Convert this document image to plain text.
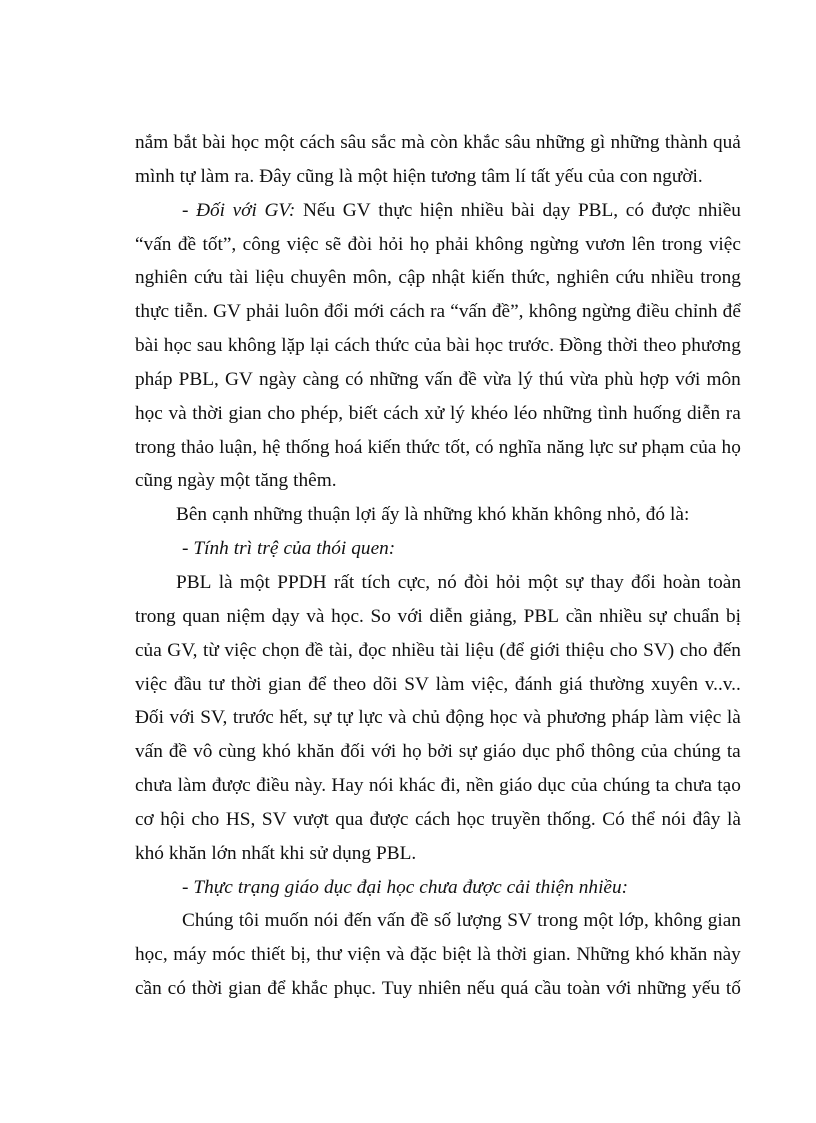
nắm bắt bài học một cách sâu sắc mà còn khắc sâu những gì những thành quả
mình tự làm ra. Đây cũng là một hiện tương tâm lí tất yếu của con người.
- Đối với GV: Nếu GV thực hiện nhiều bài dạy PBL, có được nhiều
“vấn đề tốt”, công việc sẽ đòi hỏi họ phải không ngừng vươn lên trong việc
nghiên cứu tài liệu chuyên môn, cập nhật kiến thức, nghiên cứu nhiều trong
thực tiễn. GV phải luôn đổi mới cách ra “vấn đề”, không ngừng điều chỉnh để
bài học sau không lặp lại cách thức của bài học trước. Đồng thời theo phương
pháp PBL, GV ngày càng có những vấn đề vừa lý thú vừa phù hợp với môn
học và thời gian cho phép, biết cách xử lý khéo léo những tình huống diễn ra
trong thảo luận, hệ thống hoá kiến thức tốt, có nghĩa năng lực sư phạm của họ
cũng ngày một tăng thêm.
Bên cạnh những thuận lợi ấy là những khó khăn không nhỏ, đó là:
- Tính trì trệ của thói quen:
PBL là một PPDH rất tích cực, nó đòi hỏi một sự thay đổi hoàn toàn
trong quan niệm dạy và học. So với diễn giảng, PBL cần nhiều sự chuẩn bị
của GV, từ việc chọn đề tài, đọc nhiều tài liệu (để giới thiệu cho SV) cho đến
việc đầu tư thời gian để theo dõi SV làm việc, đánh giá thường xuyên v..v..
Đối với SV, trước hết, sự tự lực và chủ động học và phương pháp làm việc là
vấn đề vô cùng khó khăn đối với họ bởi sự giáo dục phổ thông của chúng ta
chưa làm được điều này. Hay nói khác đi, nền giáo dục của chúng ta chưa tạo
cơ hội cho HS, SV vượt qua được cách học truyền thống. Có thể nói đây là
khó khăn lớn nhất khi sử dụng PBL.
- Thực trạng giáo dục đại học chưa được cải thiện nhiều:
Chúng tôi muốn nói đến vấn đề số lượng SV trong một lớp, không gian
học, máy móc thiết bị, thư viện và đặc biệt là thời gian. Những khó khăn này
cần có thời gian để khắc phục. Tuy nhiên nếu quá cầu toàn với những yếu tố
